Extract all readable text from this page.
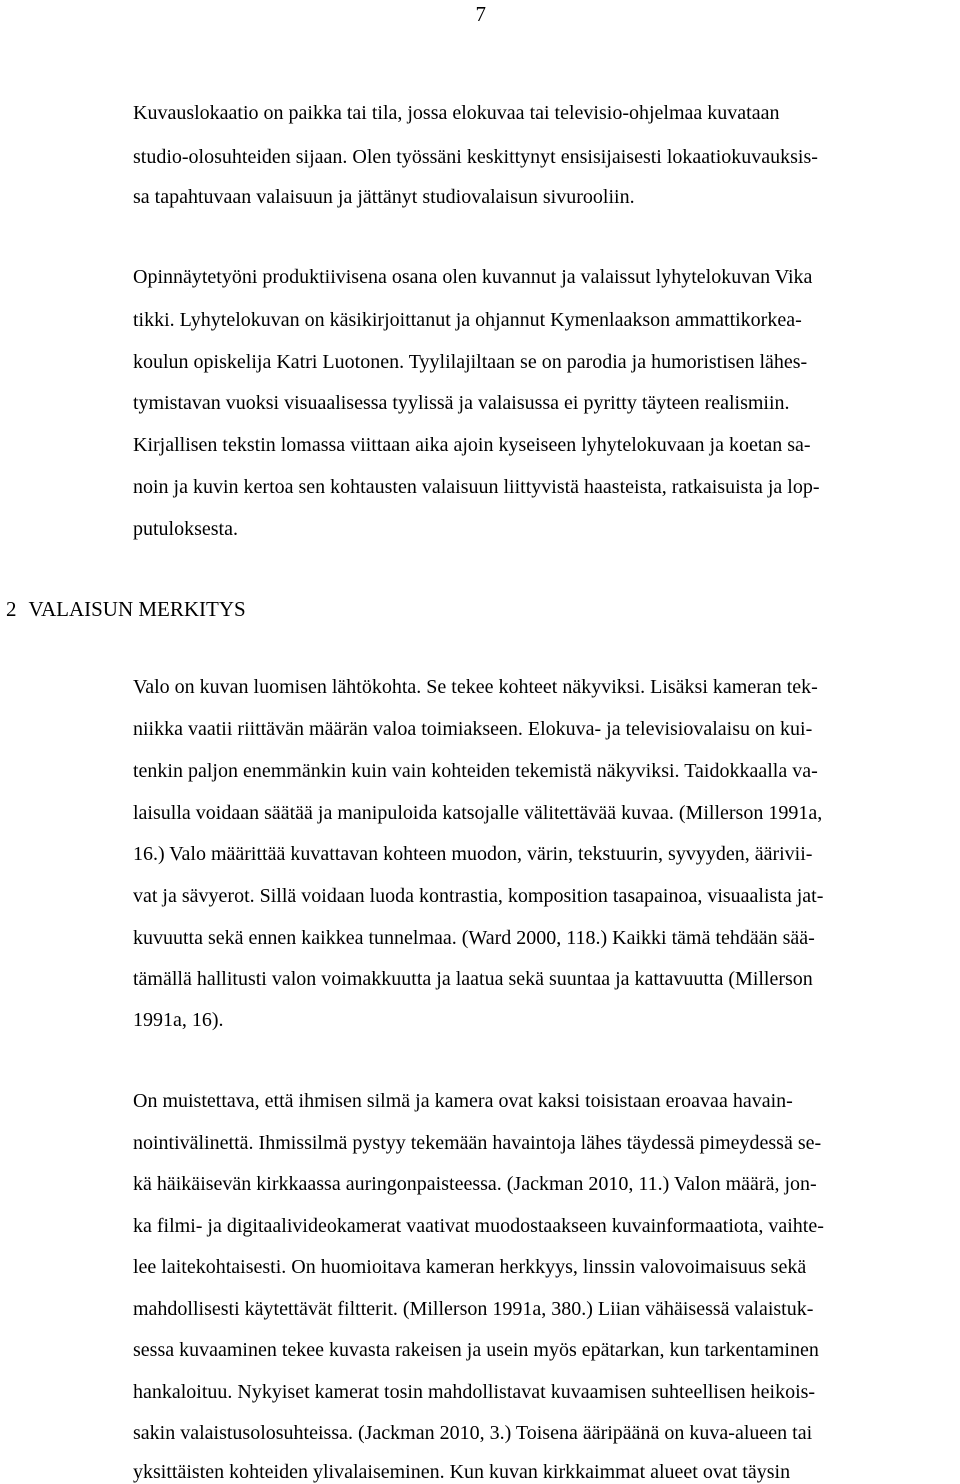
7
Kuvauslokaatio on paikka tai tila, jossa elokuvaa tai televisio-ohjelmaa kuvataan
studio-olosuhteiden sijaan. Olen työssäni keskittynyt ensisijaisesti lokaatiokuvauksis-
sa tapahtuvaan valaisuun ja jättänyt studiovalaisun sivurooliin.
Opinnäytetyöni produktiivisena osana olen kuvannut ja valaissut lyhytelokuvan Vika
tikki. Lyhytelokuvan on käsikirjoittanut ja ohjannut Kymenlaakson ammattikorkea-
koulun opiskelija Katri Luotonen. Tyylilajiltaan se on parodia ja humoristisen lähes-
tymistavan vuoksi visuaalisessa tyylissä ja valaisussa ei pyritty täyteen realismiin.
Kirjallisen tekstin lomassa viittaan aika ajoin kyseiseen lyhytelokuvaan ja koetan sa-
noin ja kuvin kertoa sen kohtausten valaisuun liittyvistä haasteista, ratkaisuista ja lop-
putuloksesta.
2 VALAISUN MERKITYS
Valo on kuvan luomisen lähtökohta. Se tekee kohteet näkyviksi. Lisäksi kameran tek-
niikka vaatii riittävän määrän valoa toimiakseen. Elokuva- ja televisiovalaisu on kui-
tenkin paljon enemmänkin kuin vain kohteiden tekemistä näkyviksi. Taidokkaalla va-
laisulla voidaan säätää ja manipuloida katsojalle välitettävää kuvaa. (Millerson 1991a,
16.) Valo määrittää kuvattavan kohteen muodon, värin, tekstuurin, syvyyden, äärivii-
vat ja sävyerot. Sillä voidaan luoda kontrastia, komposition tasapainoa, visuaalista jat-
kuvuutta sekä ennen kaikkea tunnelmaa. (Ward 2000, 118.) Kaikki tämä tehdään sää-
tämällä hallitusti valon voimakkuutta ja laatua sekä suuntaa ja kattavuutta (Millerson
1991a, 16).
On muistettava, että ihmisen silmä ja kamera ovat kaksi toisistaan eroavaa havain-
nointivälinettä. Ihmissilmä pystyy tekemään havaintoja lähes täydessä pimeydessä se-
kä häikäisevän kirkkaassa auringonpaisteessa. (Jackman 2010, 11.) Valon määrä, jon-
ka filmi- ja digitaalivideokamerat vaativat muodostaakseen kuvainformaatiota, vaihte-
lee laitekohtaisesti. On huomioitava kameran herkkyys, linssin valovoimaisuus sekä
mahdollisesti käytettävät filtterit. (Millerson 1991a, 380.) Liian vähäisessä valaistuk-
sessa kuvaaminen tekee kuvasta rakeisen ja usein myös epätarkan, kun tarkentaminen
hankaloituu. Nykyiset kamerat tosin mahdollistavat kuvaamisen suhteellisen heikois-
sakin valaistusolosuhteissa. (Jackman 2010, 3.) Toisena ääripäänä on kuva-alueen tai
yksittäisten kohteiden ylivalaiseminen. Kun kuvan kirkkaimmat alueet ovat täysin
